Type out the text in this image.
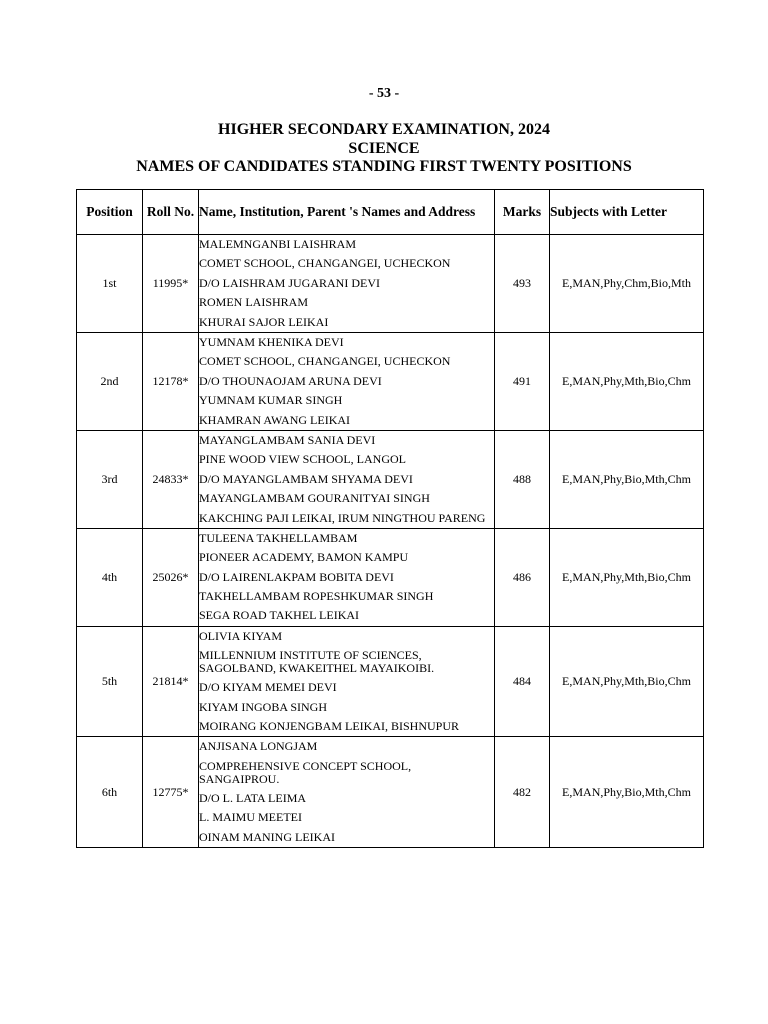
- 53 -
HIGHER SECONDARY EXAMINATION, 2024
SCIENCE
NAMES OF CANDIDATES STANDING FIRST TWENTY POSITIONS
Position	Roll No.	Name, Institution, Parent 's Names and Address	Marks	Subjects with Letter
1st	11995*	MALEMNGANBI LAISHRAM
COMET SCHOOL, CHANGANGEI, UCHECKON
D/O LAISHRAM JUGARANI DEVI
ROMEN LAISHRAM
KHURAI SAJOR LEIKAI	493	E,MAN,Phy,Chm,Bio,Mth
2nd	12178*	YUMNAM KHENIKA DEVI
COMET SCHOOL, CHANGANGEI, UCHECKON
D/O THOUNAOJAM ARUNA DEVI
YUMNAM KUMAR SINGH
KHAMRAN AWANG LEIKAI	491	E,MAN,Phy,Mth,Bio,Chm
3rd	24833*	MAYANGLAMBAM SANIA DEVI
PINE WOOD VIEW SCHOOL, LANGOL
D/O MAYANGLAMBAM SHYAMA DEVI
MAYANGLAMBAM GOURANITYAI SINGH
KAKCHING PAJI LEIKAI, IRUM NINGTHOU PARENG	488	E,MAN,Phy,Bio,Mth,Chm
4th	25026*	TULEENA TAKHELLAMBAM
PIONEER ACADEMY, BAMON KAMPU
D/O LAIRENLAKPAM BOBITA DEVI
TAKHELLAMBAM ROPESHKUMAR SINGH
SEGA ROAD TAKHEL LEIKAI	486	E,MAN,Phy,Mth,Bio,Chm
5th	21814*	OLIVIA KIYAM
MILLENNIUM INSTITUTE OF SCIENCES, SAGOLBAND, KWAKEITHEL MAYAIKOIBI.
D/O KIYAM MEMEI DEVI
KIYAM INGOBA SINGH
MOIRANG KONJENGBAM LEIKAI, BISHNUPUR	484	E,MAN,Phy,Mth,Bio,Chm
6th	12775*	ANJISANA LONGJAM
COMPREHENSIVE CONCEPT SCHOOL, SANGAIPROU.
D/O L. LATA LEIMA
L. MAIMU MEETEI
OINAM MANING LEIKAI	482	E,MAN,Phy,Bio,Mth,Chm
